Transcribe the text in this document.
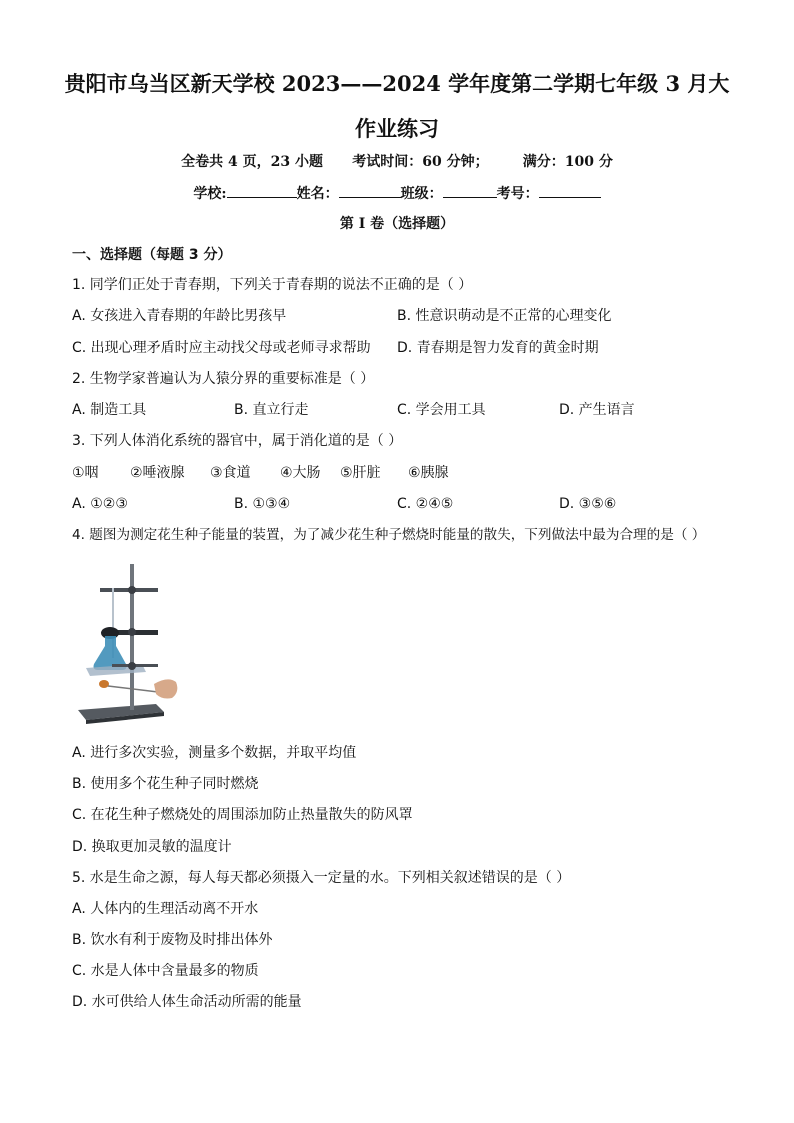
贵阳市乌当区新天学校 2023——2024 学年度第二学期七年级 3 月大
作业练习
全卷共 4 页，23 小题      考试时间：60 分钟；       满分：100 分
学校:	姓名：	班级：	考号：
第 I 卷（选择题）
一、选择题（每题 3 分）
1. 同学们正处于青春期，下列关于青春期的说法不正确的是（ ）
A. 女孩进入青春期的年龄比男孩早	B. 性意识萌动是不正常的心理变化
C. 出现心理矛盾时应主动找父母或老师寻求帮助 D. 青春期是智力发育的黄金时期
2. 生物学家普遍认为人猿分界的重要标准是（ ）
A. 制造工具	B. 直立行走	C. 学会用工具	D. 产生语言
3. 下列人体消化系统的器官中，属于消化道的是（ ）
①咽 ②唾液腺 ③食道 ④大肠 ⑤肝脏 ⑥胰腺
A. ①②③	B. ①③④	C. ②④⑤	D. ③⑤⑥
4. 题图为测定花生种子能量的装置，为了减少花生种子燃烧时能量的散失，下列做法中最为合理的是（ ）
A. 进行多次实验，测量多个数据，并取平均值
B. 使用多个花生种子同时燃烧
C. 在花生种子燃烧处的周围添加防止热量散失的防风罩
D. 换取更加灵敏的温度计
5. 水是生命之源，每人每天都必须摄入一定量的水。下列相关叙述错误的是（ ）
A. 人体内的生理活动离不开水
B. 饮水有利于废物及时排出体外
C. 水是人体中含量最多的物质
D. 水可供给人体生命活动所需的能量
